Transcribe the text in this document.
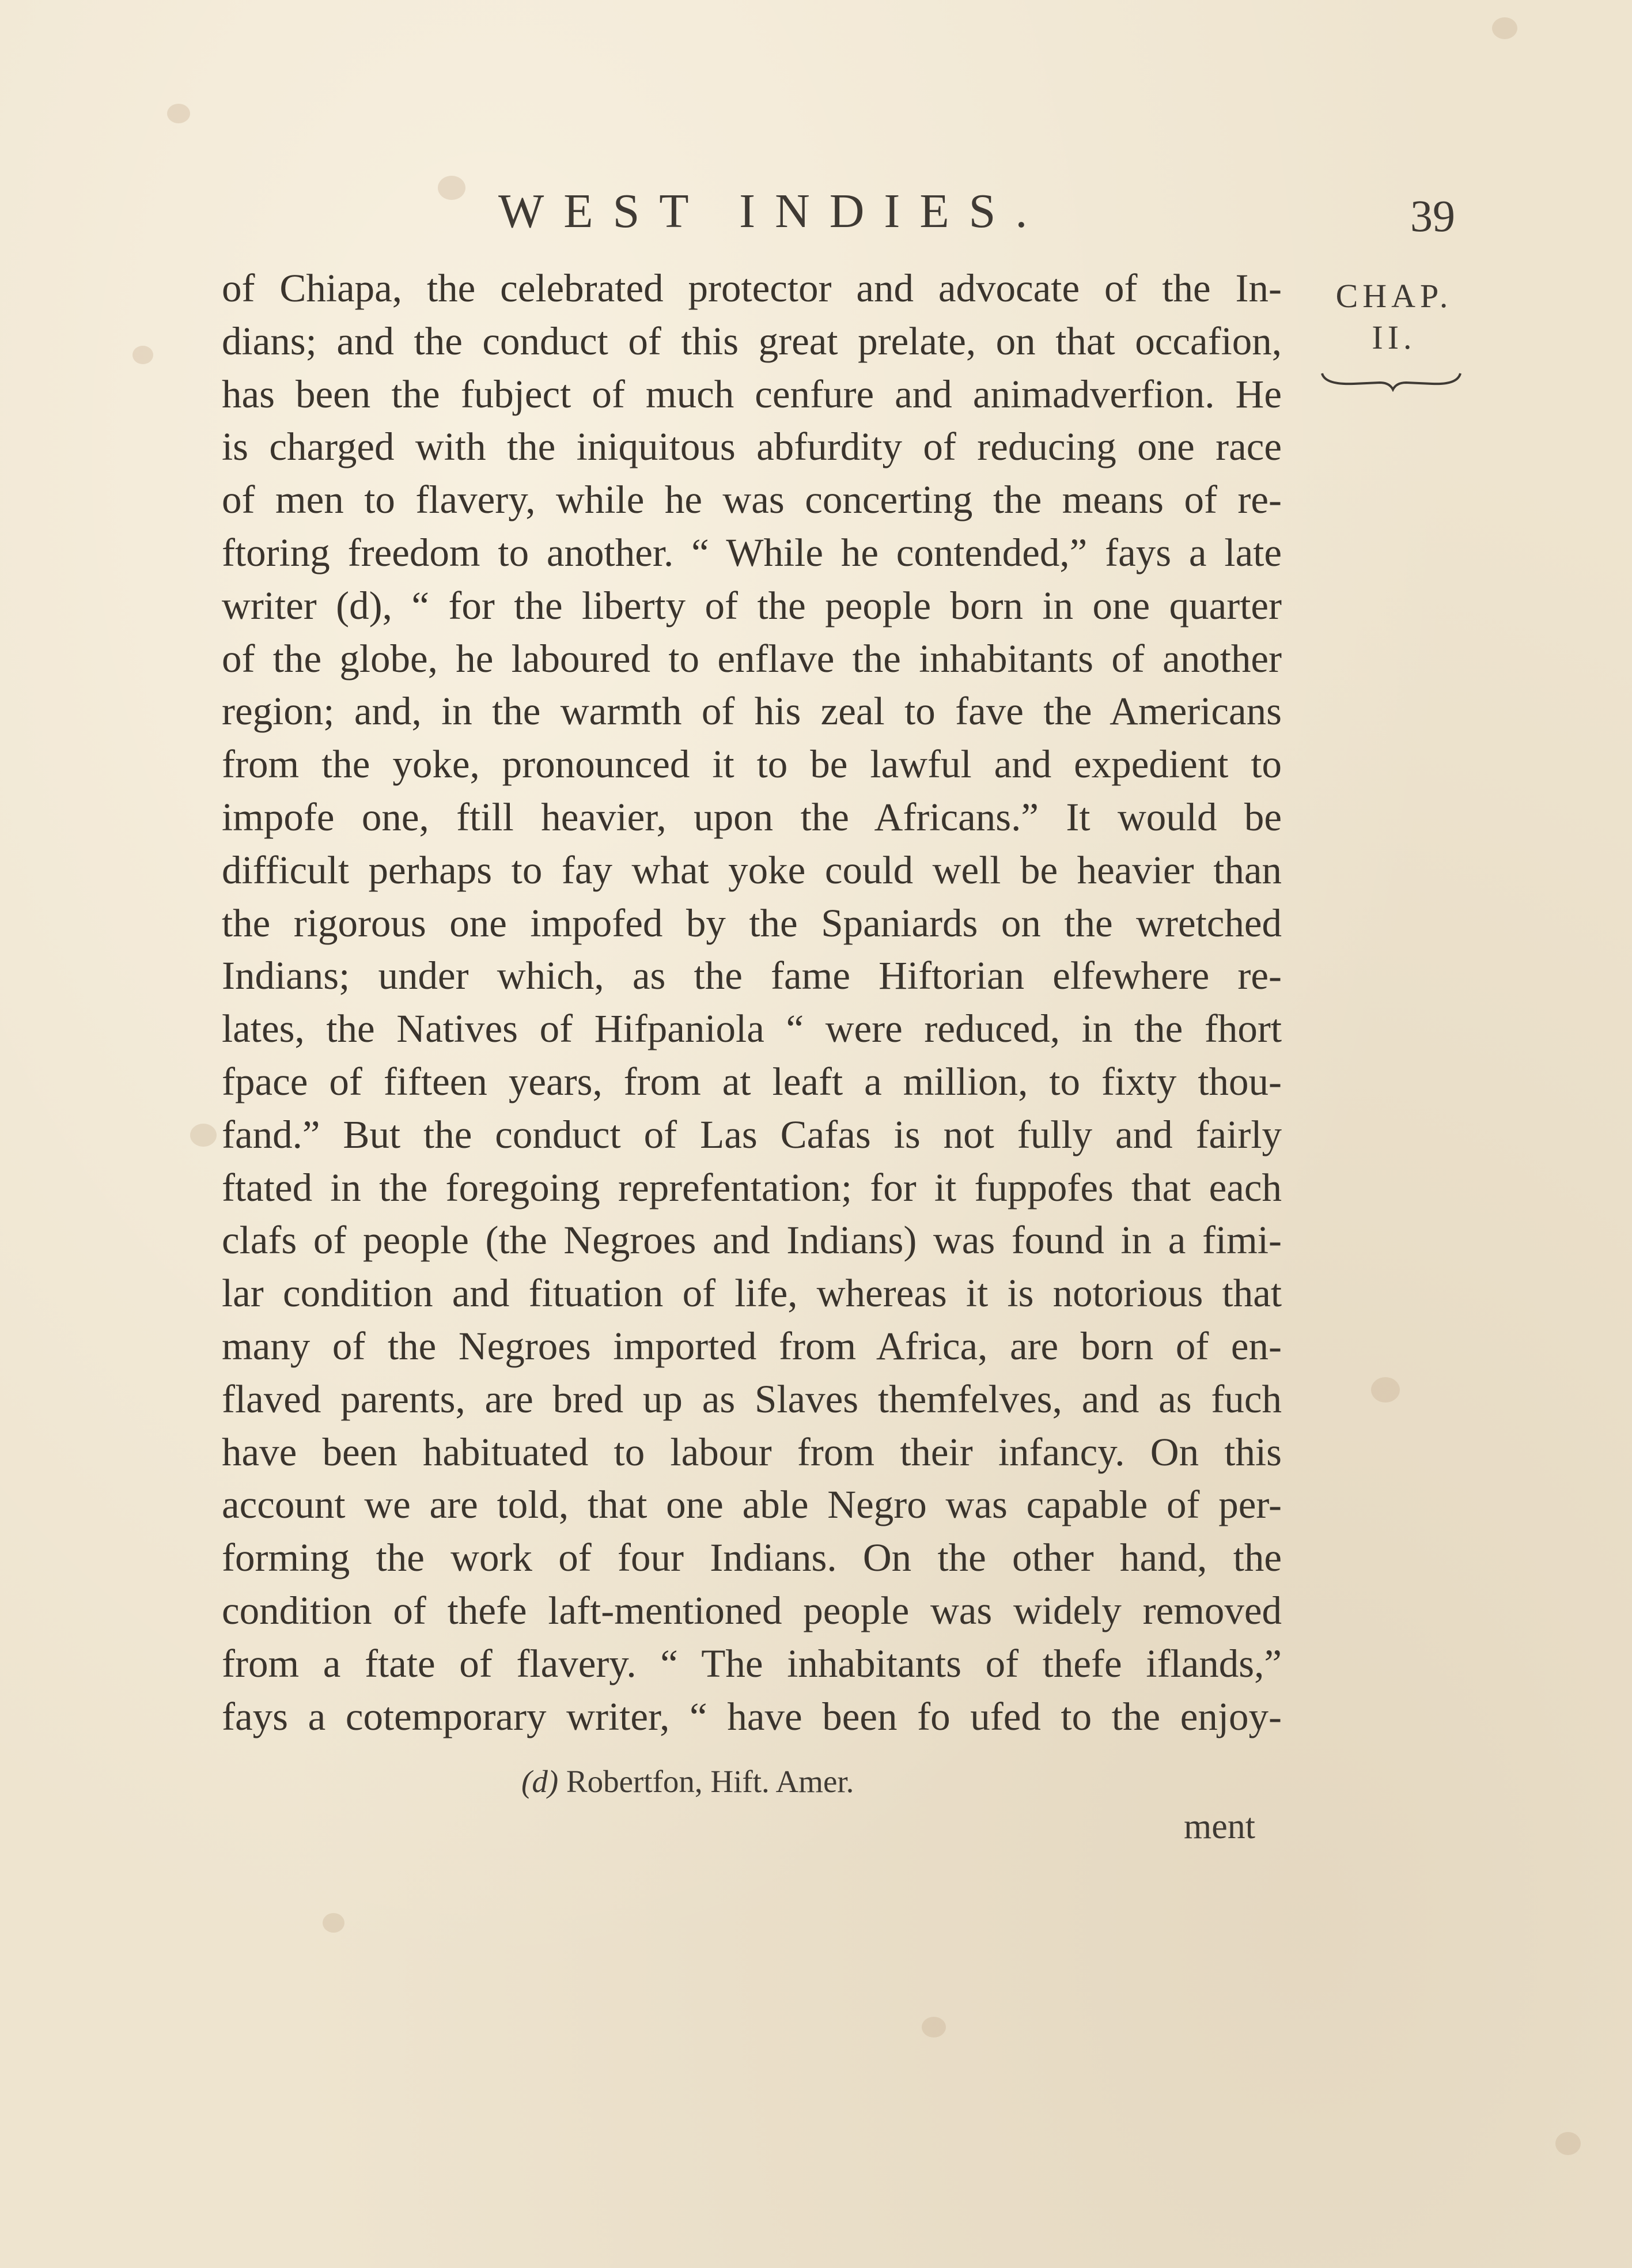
WEST INDIES.	39
CHAP.
II.
of Chiapa, the celebrated protector and advocate of the In-
dians; and the conduct of this great prelate, on that occafion,
has been the fubject of much cenfure and animadverfion. He
is charged with the iniquitous abfurdity of reducing one race
of men to flavery, while he was concerting the means of re-
ftoring freedom to another. “ While he contended,” fays a late
writer (d), “ for the liberty of the people born in one quarter
of the globe, he laboured to enflave the inhabitants of another
region; and, in the warmth of his zeal to fave the Americans
from the yoke, pronounced it to be lawful and expedient to
impofe one, ftill heavier, upon the Africans.” It would be
difficult perhaps to fay what yoke could well be heavier than
the rigorous one impofed by the Spaniards on the wretched
Indians; under which, as the fame Hiftorian elfewhere re-
lates, the Natives of Hifpaniola “ were reduced, in the fhort
fpace of fifteen years, from at leaft a million, to fixty thou-
fand.” But the conduct of Las Cafas is not fully and fairly
ftated in the foregoing reprefentation; for it fuppofes that each
clafs of people (the Negroes and Indians) was found in a fimi-
lar condition and fituation of life, whereas it is notorious that
many of the Negroes imported from Africa, are born of en-
flaved parents, are bred up as Slaves themfelves, and as fuch
have been habituated to labour from their infancy. On this
account we are told, that one able Negro was capable of per-
forming the work of four Indians. On the other hand, the
condition of thefe laft-mentioned people was widely removed
from a ftate of flavery. “ The inhabitants of thefe iflands,”
fays a cotemporary writer, “ have been fo ufed to the enjoy-
(d) Robertfon, Hift. Amer.
ment
